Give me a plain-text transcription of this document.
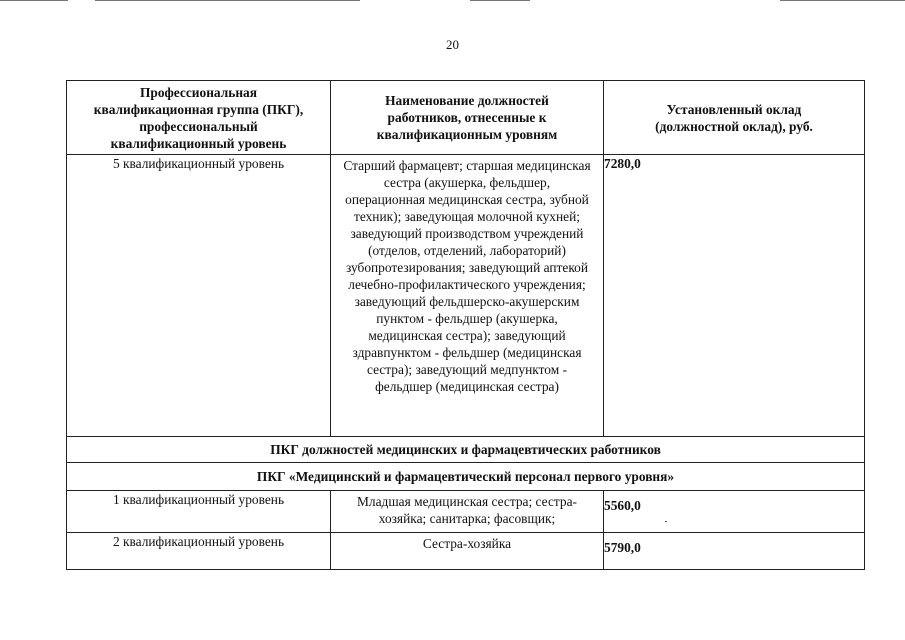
20
Профессиональная квалификационная группа (ПКГ), профессиональный квалификационный уровень	Наименование должностей работников, отнесенные к квалификационным уровням	Установленный оклад (должностной оклад), руб.
5 квалификационный уровень	Старший фармацевт; старшая медицинская сестра (акушерка, фельдшер, операционная медицинская сестра, зубной техник); заведующая молочной кухней; заведующий производством учреждений (отделов, отделений, лабораторий) зубопротезирования; заведующий аптекой лечебно-профилактического учреждения; заведующий фельдшерско-акушерским пунктом - фельдшер (акушерка, медицинская сестра); заведующий здравпунктом - фельдшер (медицинская сестра); заведующий медпунктом - фельдшер (медицинская сестра)	7280,0
ПКГ должностей медицинских и фармацевтических работников		
ПКГ «Медицинский и фармацевтический персонал первого уровня»		
1 квалификационный уровень	Младшая медицинская сестра; сестра-хозяйка; санитарка; фасовщик;	5560,0
2 квалификационный уровень	Сестра-хозяйка	5790,0
